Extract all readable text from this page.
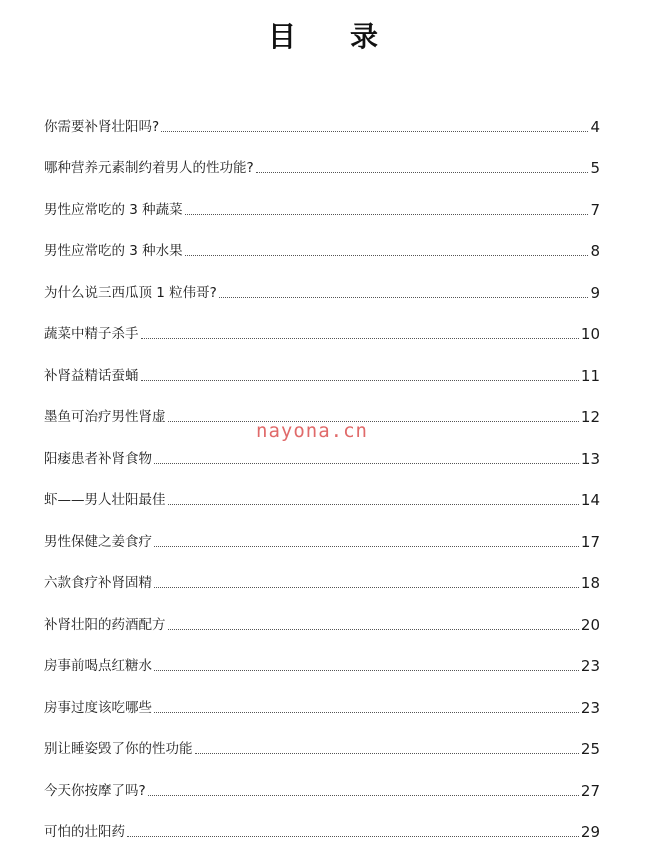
目录
你需要补肾壮阳吗?	4
哪种营养元素制约着男人的性功能?	5
男性应常吃的 3 种蔬菜	7
男性应常吃的 3 种水果	8
为什么说三西瓜顶 1 粒伟哥?	9
蔬菜中精子杀手	10
补肾益精话蚕蛹	11
墨鱼可治疗男性肾虚	12
阳痿患者补肾食物	13
虾——男人壮阳最佳	14
男性保健之姜食疗	17
六款食疗补肾固精	18
补肾壮阳的药酒配方	20
房事前喝点红糖水	23
房事过度该吃哪些	23
别让睡姿毁了你的性功能	25
今天你按摩了吗?	27
可怕的壮阳药	29
nayona.cn
